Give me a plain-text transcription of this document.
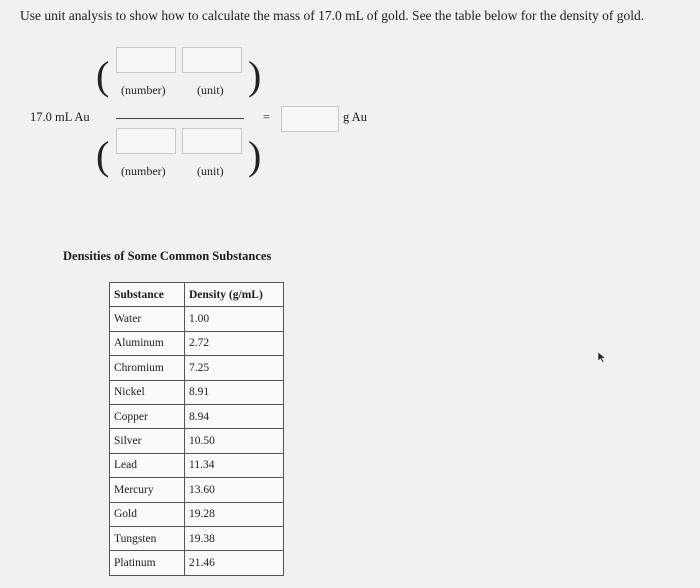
Use unit analysis to show how to calculate the mass of 17.0 mL of gold. See the table below for the density of gold.
(	)
(number)	(unit)
17.0 mL Au	=	g Au
(	)
(number)	(unit)
Densities of Some Common Substances
Substance	Density (g/mL)
Water	1.00
Aluminum	2.72
Chromium	7.25
Nickel	8.91
Copper	8.94
Silver	10.50
Lead	11.34
Mercury	13.60
Gold	19.28
Tungsten	19.38
Platinum	21.46
